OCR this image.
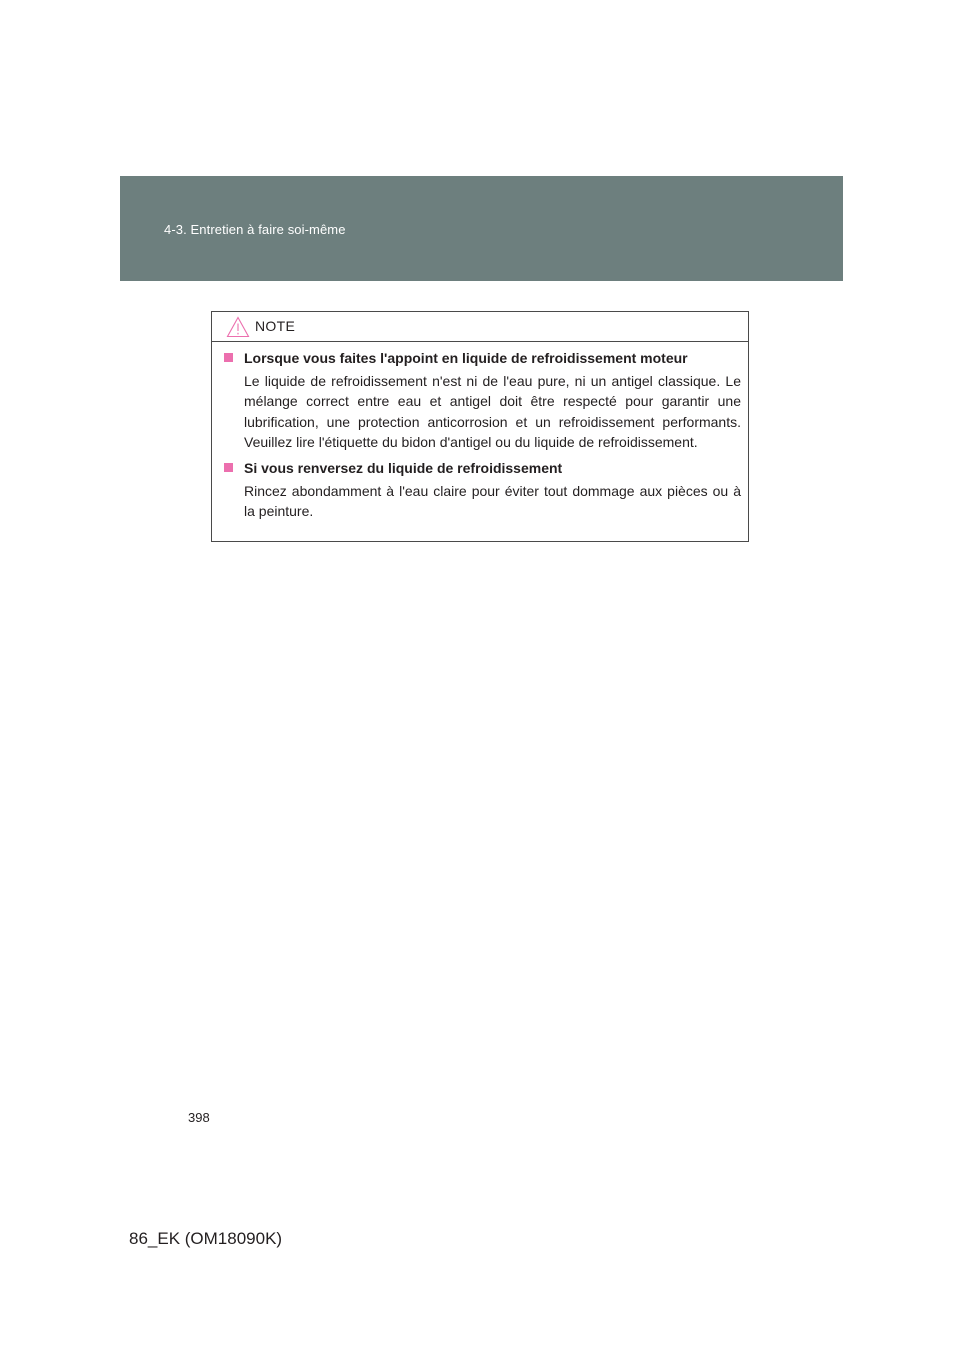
4-3. Entretien à faire soi-même
NOTE

Lorsque vous faites l'appoint en liquide de refroidissement moteur

Le liquide de refroidissement n'est ni de l'eau pure, ni un antigel classique. Le mélange correct entre eau et antigel doit être respecté pour garantir une lubrification, une protection anticorrosion et un refroidissement performants. Veuillez lire l'étiquette du bidon d'antigel ou du liquide de refroidissement.

Si vous renversez du liquide de refroidissement

Rincez abondamment à l'eau claire pour éviter tout dommage aux pièces ou à la peinture.

398
86_EK (OM18090K)
